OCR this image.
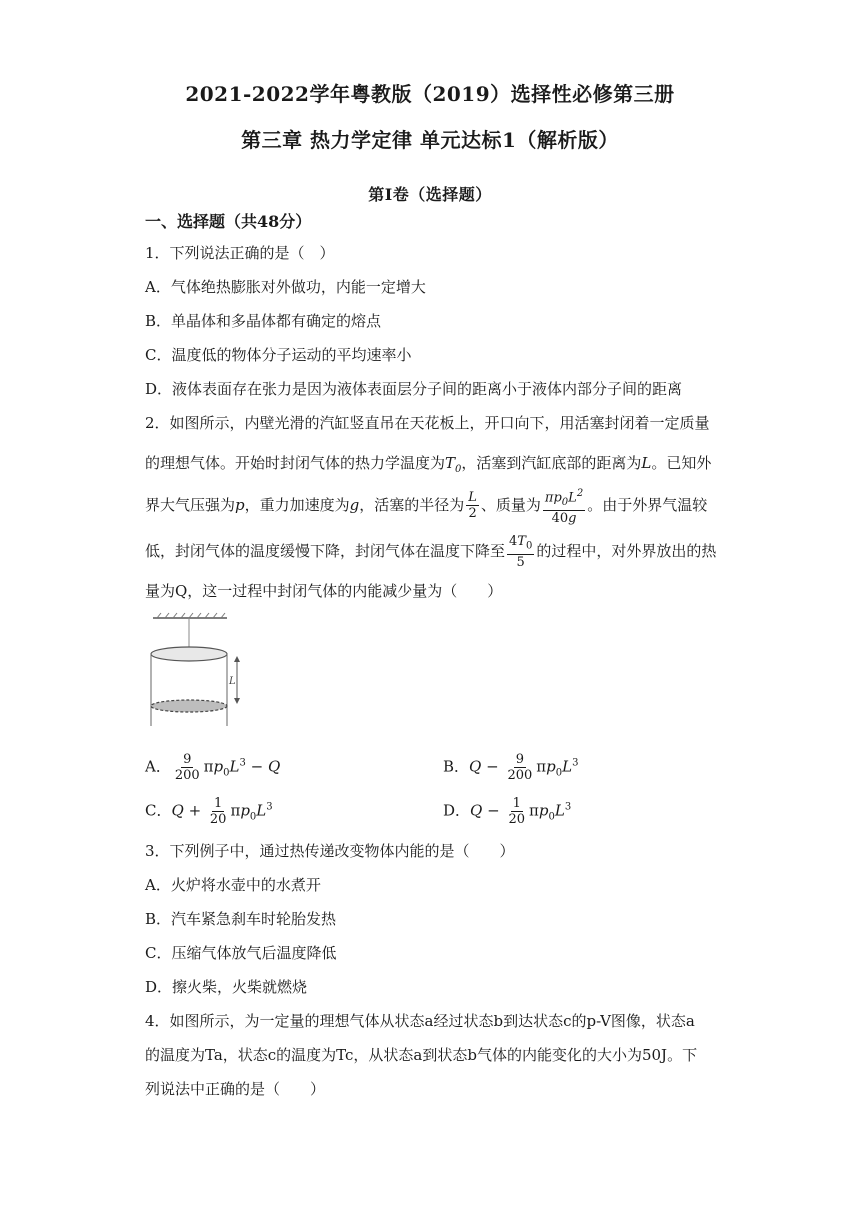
2021-2022学年粤教版（2019）选择性必修第三册
第三章 热力学定律 单元达标1（解析版）
第Ⅰ卷（选择题）
一、选择题（共48分）
1．下列说法正确的是（　）
A．气体绝热膨胀对外做功，内能一定增大
B．单晶体和多晶体都有确定的熔点
C．温度低的物体分子运动的平均速率小
D．液体表面存在张力是因为液体表面层分子间的距离小于液体内部分子间的距离
2．如图所示，内壁光滑的汽缸竖直吊在天花板上，开口向下，用活塞封闭着一定质量
的理想气体。开始时封闭气体的热力学温度为$T_0$，活塞到汽缸底部的距离为L。已知外
界大气压强为p，重力加速度为g，活塞的半径为 $\frac{L}{2}$ 、质量为 $\frac{\pi p_0L^2}{40g}$ 。由于外界气温较
低，封闭气体的温度缓慢下降，封闭气体在温度下降至 $\frac{4T_0}{5}$ 的过程中，对外界放出的热
量为Q，这一过程中封闭气体的内能减少量为（　　）
L
A． $\frac{9}{200} \pi p_0L^3 - Q$	B．$Q - \frac{9}{200} \pi p_0L^3$
C．$Q + \frac{1}{20} \pi p_0L^3$	D．$Q - \frac{1}{20} \pi p_0L^3$
3．下列例子中，通过热传递改变物体内能的是（　　）
A．火炉将水壶中的水煮开
B．汽车紧急刹车时轮胎发热
C．压缩气体放气后温度降低
D．擦火柴，火柴就燃烧
4．如图所示，为一定量的理想气体从状态a经过状态b到达状态c的p-V图像，状态a
的温度为Ta，状态c的温度为Tc，从状态a到状态b气体的内能变化的大小为50J。下
列说法中正确的是（　　）
